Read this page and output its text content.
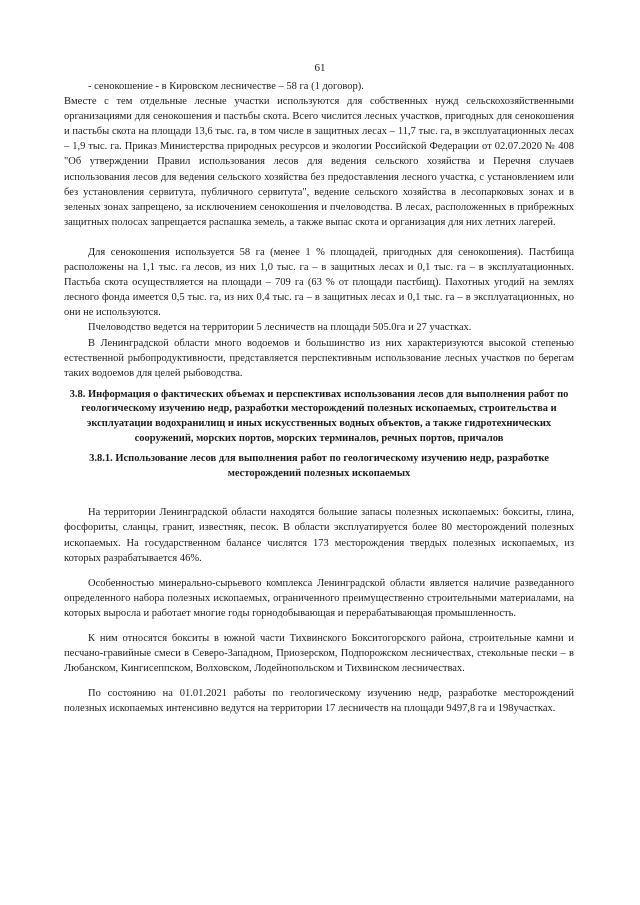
61

- сенокошение - в Кировском лесничестве – 58 га (1 договор).

Вместе с тем отдельные лесные участки используются для собственных нужд сельскохозяйственными организациями для сенокошения и пастьбы скота. Всего числится лесных участков, пригодных для сенокошения и пастьбы скота на площади 13,6 тыс. га, в том числе в защитных лесах – 11,7 тыс. га, в эксплуатационных лесах – 1,9 тыс. га. Приказ Министерства природных ресурсов и экологии Российской Федерации от 02.07.2020 № 408 "Об утверждении Правил использования лесов для ведения сельского хозяйства и Перечня случаев использования лесов для ведения сельского хозяйства без предоставления лесного участка, с установлением или без установления сервитута, публичного сервитута", ведение сельского хозяйства в лесопарковых зонах и в зеленых зонах запрещено, за исключением сенокошения и пчеловодства. В лесах, расположенных в прибрежных защитных полосах запрещается распашка земель, а также выпас скота и организация для них летних лагерей.

Для сенокошения используется 58 га (менее 1 % площадей, пригодных для сенокошения). Пастбища расположены на 1,1 тыс. га лесов, из них 1,0 тыс. га – в защитных лесах и 0,1 тыс. га – в эксплуатационных. Пастьба скота осуществляется на площади – 709 га (63 % от площади пастбищ). Пахотных угодий на землях лесного фонда имеется 0,5 тыс. га, из них 0,4 тыс. га – в защитных лесах и 0,1 тыс. га – в эксплуатационных, но они не используются.

Пчеловодство ведется на территории 5 лесничеств на площади 505.0га и 27 участках.

В Ленинградской области много водоемов и большинство из них характеризуются высокой степенью естественной рыбопродуктивности, представляется перспективным использование лесных участков по берегам таких водоемов для целей рыбоводства.

3.8. Информация о фактических объемах и перспективах использования лесов для выполнения работ по геологическому изучению недр, разработки месторождений полезных ископаемых, строительства и эксплуатации водохранилищ и иных искусственных водных объектов, а также гидротехнических сооружений, морских портов, морских терминалов, речных портов, причалов
3.8.1. Использование лесов для выполнения работ по геологическому изучению недр, разработке месторождений полезных ископаемых

На территории Ленинградской области находятся большие запасы полезных ископаемых: бокситы, глина, фосфориты, сланцы, гранит, известняк, песок. В области эксплуатируется более 80 месторождений полезных ископаемых. На государственном балансе числятся 173 месторождения твердых полезных ископаемых, из которых разрабатывается 46%.

Особенностью минерально-сырьевого комплекса Ленинградской области является наличие разведанного определенного набора полезных ископаемых, ограниченного преимущественно строительными материалами, на которых выросла и работает многие годы горнодобывающая и перерабатывающая промышленность.

К ним относятся бокситы в южной части Тихвинского Бокситогорского района, строительные камни и песчано-гравийные смеси в Северо-Западном, Приозерском, Подпорожском лесничествах, стекольные пески – в Любанском, Кингисеппском, Волховском, Лодейнопольском и Тихвинском лесничествах.

По состоянию на 01.01.2021 работы по геологическому изучению недр, разработке месторождений полезных ископаемых интенсивно ведутся на территории 17 лесничеств на площади 9497,8 га и 198участках.
